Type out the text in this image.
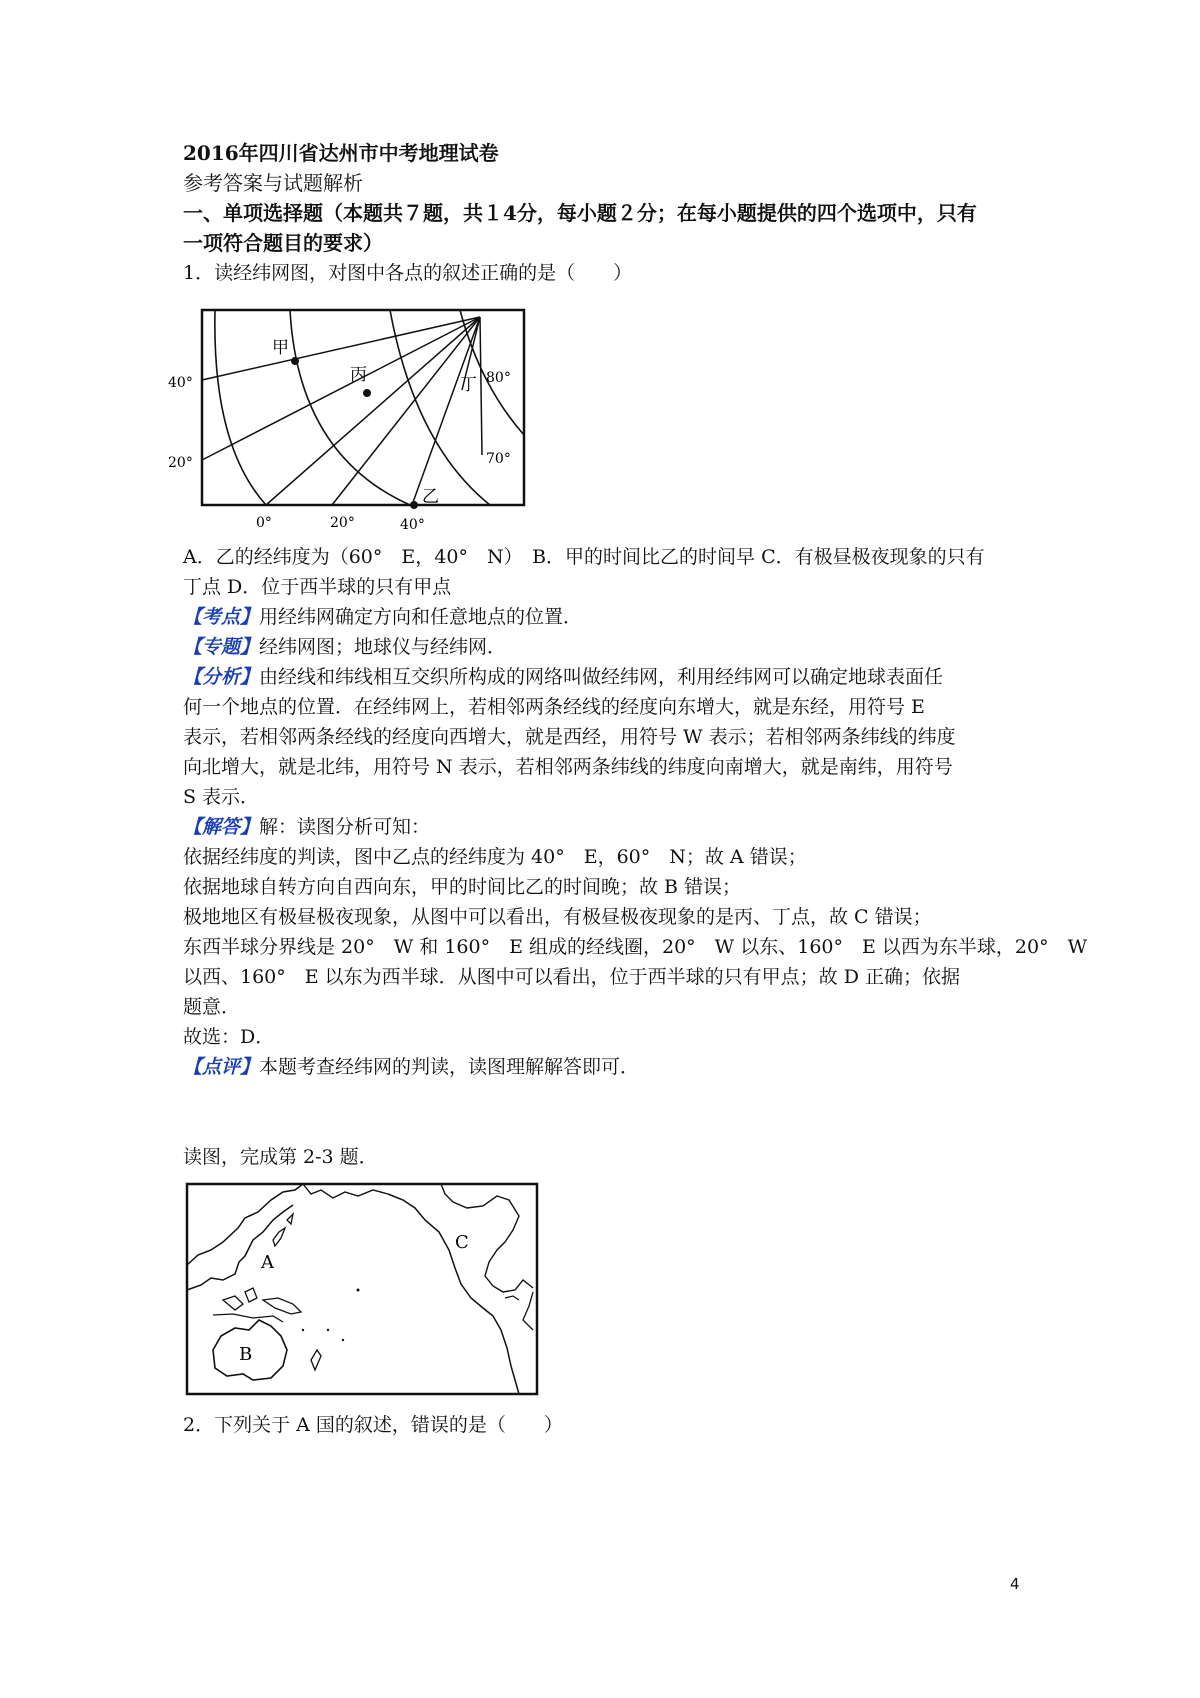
2016年四川省达州市中考地理试卷
参考答案与试题解析
一、单项选择题（本题共７题，共１4分，每小题２分；在每小题提供的四个选项中，只有
一项符合题目的要求）
1．读经纬网图，对图中各点的叙述正确的是（　　）
甲
丙	丁
乙
40°
20°
80°
70°
0°	20°	40°
A．乙的经纬度为（60°　E，40°　N）　B．甲的时间比乙的时间早 C．有极昼极夜现象的只有
丁点 D．位于西半球的只有甲点
【考点】用经纬网确定方向和任意地点的位置．
【专题】经纬网图；地球仪与经纬网．
【分析】由经线和纬线相互交织所构成的网络叫做经纬网，利用经纬网可以确定地球表面任
何一个地点的位置．在经纬网上，若相邻两条经线的经度向东增大，就是东经，用符号 E
表示，若相邻两条经线的经度向西增大，就是西经，用符号 W 表示；若相邻两条纬线的纬度
向北增大，就是北纬，用符号 N 表示，若相邻两条纬线的纬度向南增大，就是南纬，用符号
S 表示．
【解答】解：读图分析可知：
依据经纬度的判读，图中乙点的经纬度为 40°　E，60°　N；故 A 错误；
依据地球自转方向自西向东，甲的时间比乙的时间晚；故 B 错误；
极地地区有极昼极夜现象，从图中可以看出，有极昼极夜现象的是丙、丁点，故 C 错误；
东西半球分界线是 20°　W 和 160°　E 组成的经线圈，20°　W 以东、160°　E 以西为东半球，20°　W
以西、160°　E 以东为西半球．从图中可以看出，位于西半球的只有甲点；故 D 正确；依据
题意．
故选：D．
【点评】本题考查经纬网的判读，读图理解解答即可．
读图，完成第 2-3 题．
A
B
C
2．下列关于 A 国的叙述，错误的是（　　）
4
